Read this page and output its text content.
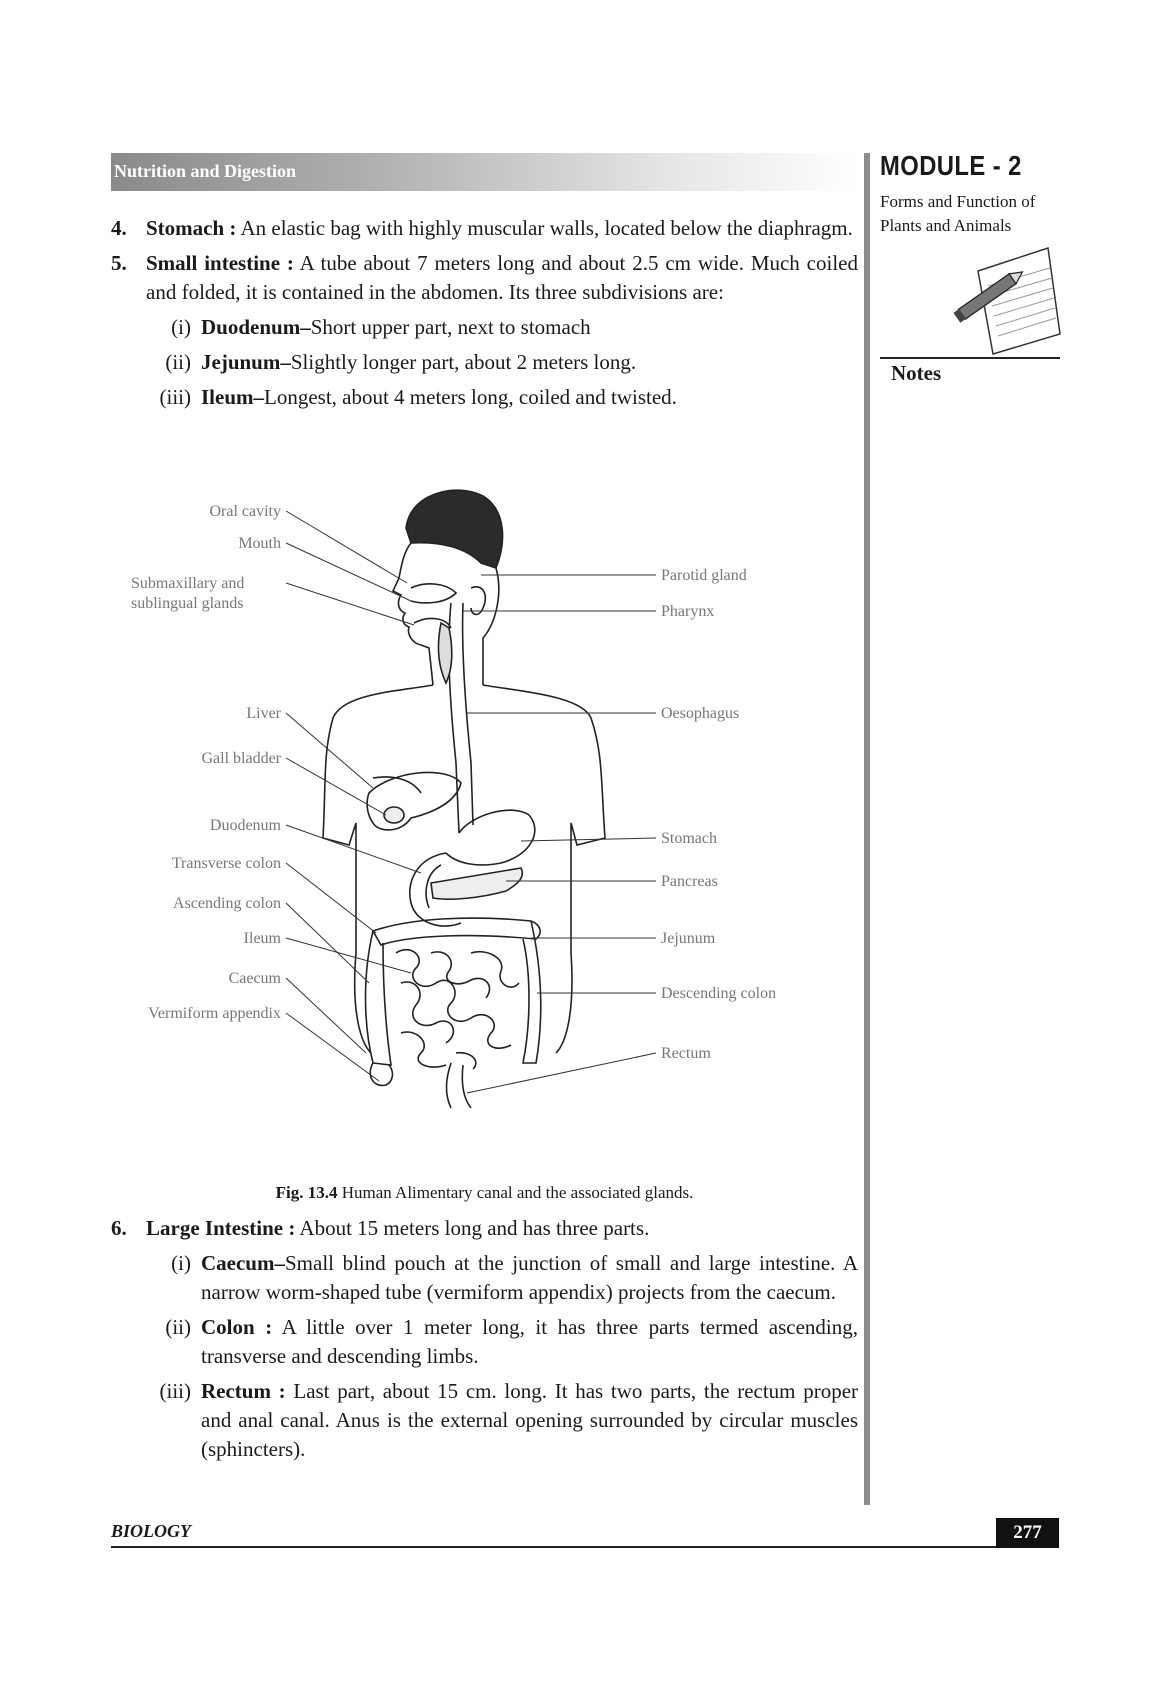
Nutrition and Digestion	MODULE - 2
Forms and Function of
Plants and Animals
Notes
4. Stomach : An elastic bag with highly muscular walls, located below the diaphragm.
5. Small intestine : A tube about 7 meters long and about 2.5 cm wide. Much coiled and folded, it is contained in the abdomen. Its three subdivisions are:
(i) Duodenum–Short upper part, next to stomach
(ii) Jejunum–Slightly longer part, about 2 meters long.
(iii) Ileum–Longest, about 4 meters long, coiled and twisted.
Oral cavity
Mouth
Submaxillary and
sublingual glands
Liver
Gall bladder
Duodenum
Transverse colon
Ascending colon
Ileum
Caecum
Vermiform appendix
Parotid gland
Pharynx
Oesophagus
Stomach
Pancreas
Jejunum
Descending colon
Rectum
Fig. 13.4 Human Alimentary canal and the associated glands.
6. Large Intestine : About 15 meters long and has three parts.
(i) Caecum–Small blind pouch at the junction of small and large intestine. A narrow worm-shaped tube (vermiform appendix) projects from the caecum.
(ii) Colon : A little over 1 meter long, it has three parts termed ascending, transverse and descending limbs.
(iii) Rectum : Last part, about 15 cm. long. It has two parts, the rectum proper and anal canal. Anus is the external opening surrounded by circular muscles (sphincters).
BIOLOGY	277
